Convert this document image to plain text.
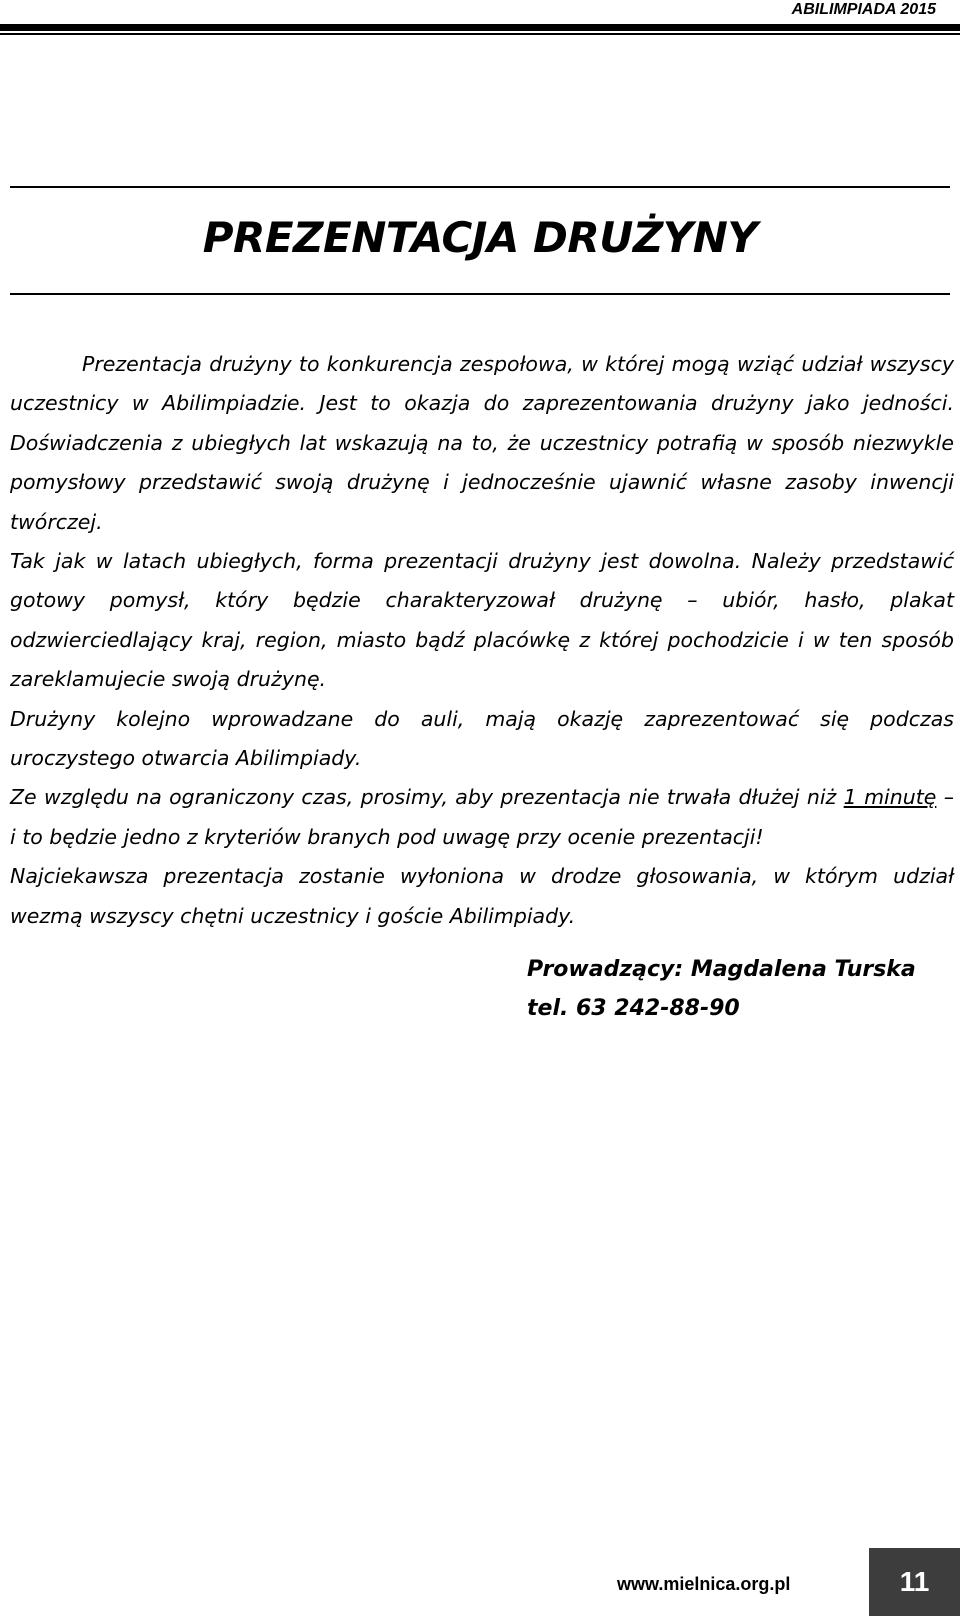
ABILIMPIADA 2015
PREZENTACJA DRUŻYNY

Prezentacja drużyny to konkurencja zespołowa, w której mogą wziąć udział wszyscy uczestnicy w Abilimpiadzie. Jest to okazja do zaprezentowania drużyny jako jedności. Doświadczenia z ubiegłych lat wskazują na to, że uczestnicy potrafią w sposób niezwykle pomysłowy przedstawić swoją drużynę i jednocześnie ujawnić własne zasoby inwencji twórczej.

Tak jak w latach ubiegłych, forma prezentacji drużyny jest dowolna. Należy przedstawić gotowy pomysł, który będzie charakteryzował drużynę – ubiór, hasło, plakat odzwierciedlający kraj, region, miasto bądź placówkę z której pochodzicie i w ten sposób zareklamujecie swoją drużynę.

Drużyny kolejno wprowadzane do auli, mają okazję zaprezentować się podczas uroczystego otwarcia Abilimpiady.

Ze względu na ograniczony czas, prosimy, aby prezentacja nie trwała dłużej niż 1 minutę – i to będzie jedno z kryteriów branych pod uwagę przy ocenie prezentacji!

Najciekawsza prezentacja zostanie wyłoniona w drodze głosowania, w którym udział wezmą wszyscy chętni uczestnicy i goście Abilimpiady.

Prowadzący: Magdalena Turska
tel. 63 242-88-90
www.mielnica.org.pl	11
